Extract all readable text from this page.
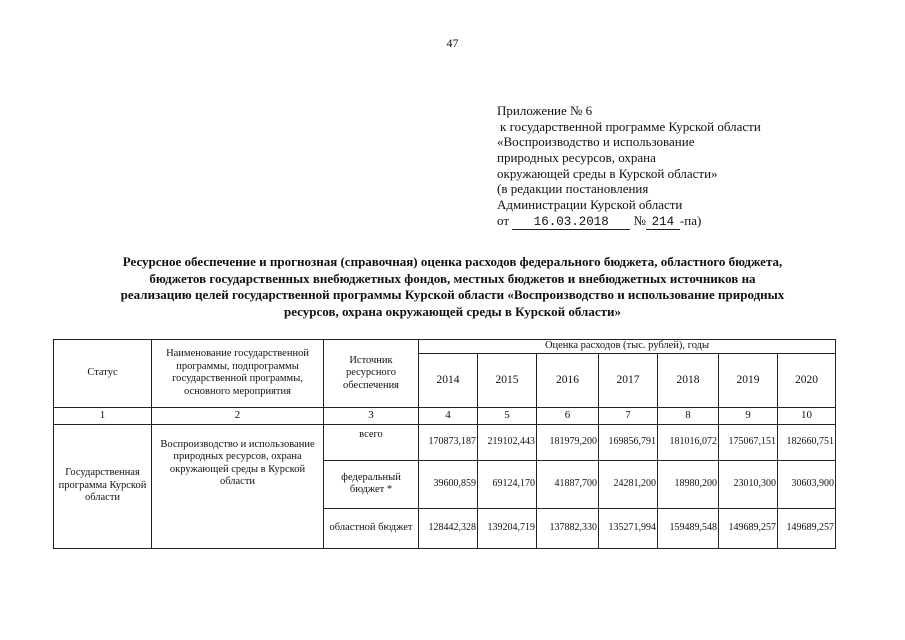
47
Приложение № 6
к государственной программе Курской области
«Воспроизводство и использование
природных ресурсов, охрана
окружающей среды в Курской области»
(в редакции постановления
Администрации Курской области
от 16.03.2018 № 214 -па)
Ресурсное обеспечение и прогнозная (справочная) оценка расходов федерального бюджета, областного бюджета,
бюджетов государственных внебюджетных фондов, местных бюджетов и внебюджетных источников на
реализацию целей государственной программы Курской области «Воспроизводство и использование природных
ресурсов, охрана окружающей среды в Курской области»
Статус	Наименование государственной программы, подпрограммы государственной программы, основного мероприятия	Источник ресурсного обеспечения	Оценка расходов (тыс. рублей), годы						
			2014	2015	2016	2017	2018	2019	2020
1	2	3	4	5	6	7	8	9	10
Государственная программа Курской области	Воспроизводство и использование природных ресурсов, охрана окружающей среды в Курской области	всего	170873,187	219102,443	181979,200	169856,791	181016,072	175067,151	182660,751
		федеральный бюджет *	39600,859	69124,170	41887,700	24281,200	18980,200	23010,300	30603,900
		областной бюджет	128442,328	139204,719	137882,330	135271,994	159489,548	149689,257	149689,257
